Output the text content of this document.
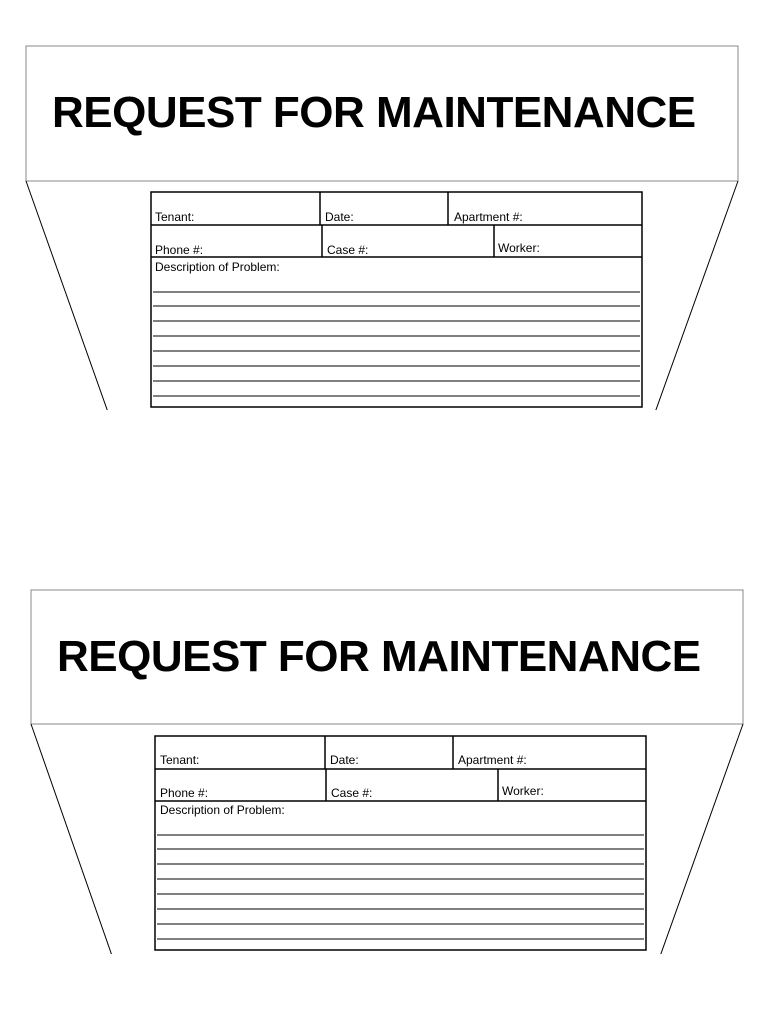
REQUEST FOR MAINTENANCE
Tenant:	Date:	Apartment #:
Phone #:	Case #:	Worker:
Description of Problem:
REQUEST FOR MAINTENANCE
Tenant:	Date:	Apartment #:
Phone #:	Case #:	Worker:
Description of Problem:
